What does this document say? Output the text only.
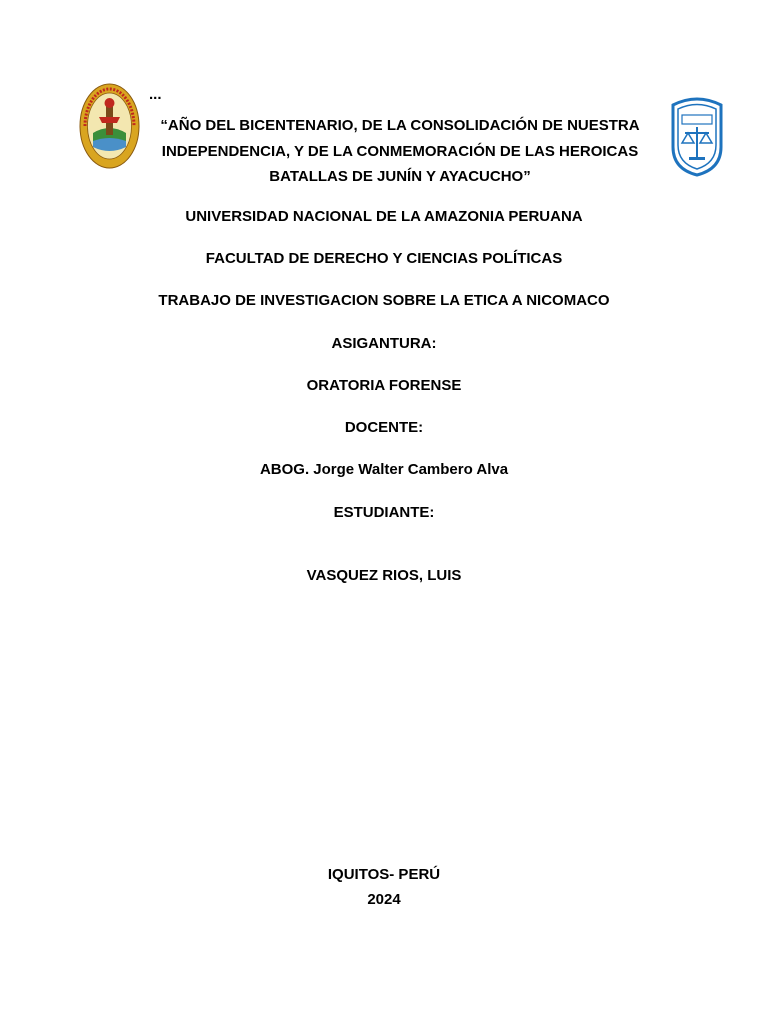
...
“AÑO DEL BICENTENARIO, DE LA CONSOLIDACIÓN DE NUESTRA INDEPENDENCIA, Y DE LA CONMEMORACIÓN DE LAS HEROICAS BATALLAS DE JUNÍN Y AYACUCHO”
UNIVERSIDAD NACIONAL DE LA AMAZONIA PERUANA
FACULTAD DE DERECHO Y CIENCIAS POLÍTICAS
TRABAJO DE INVESTIGACION SOBRE LA ETICA A NICOMACO
ASIGANTURA:
ORATORIA FORENSE
DOCENTE:
ABOG. Jorge Walter Cambero Alva
ESTUDIANTE:
VASQUEZ RIOS, LUIS
IQUITOS- PERÚ
2024
